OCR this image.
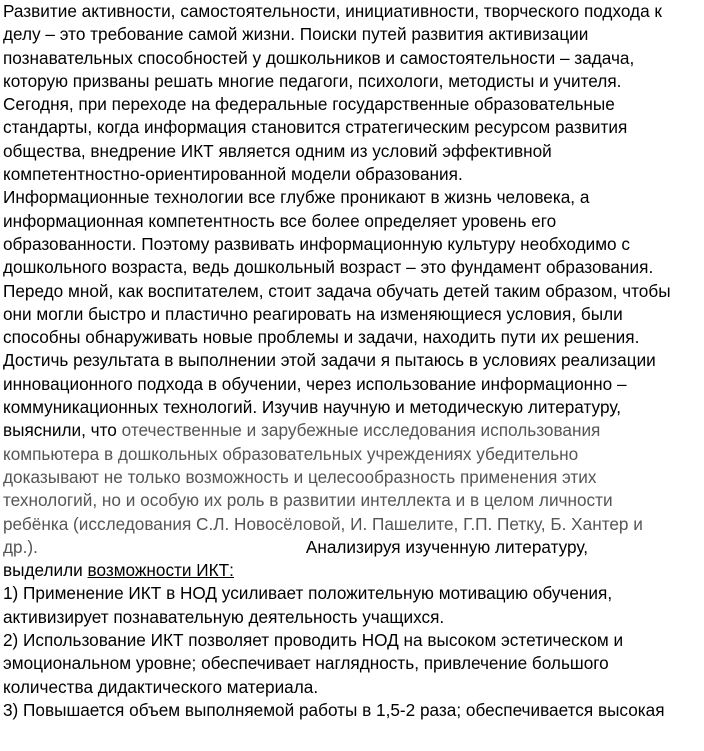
Развитие активности, самостоятельности, инициативности, творческого подхода к
делу – это требование самой жизни. Поиски путей развития активизации
познавательных способностей у дошкольников и самостоятельности – задача,
которую призваны решать многие педагоги, психологи, методисты и учителя.
Сегодня, при переходе на федеральные государственные образовательные
стандарты, когда информация становится стратегическим ресурсом развития
общества, внедрение ИКТ является одним из условий эффективной
компетентностно-ориентированной модели образования.
Информационные технологии все глубже проникают в жизнь человека, а
информационная компетентность все более определяет уровень его
образованности. Поэтому развивать информационную культуру необходимо с
дошкольного возраста, ведь дошкольный возраст – это фундамент образования.
Передо мной, как воспитателем, стоит задача обучать детей таким образом, чтобы
они могли быстро и пластично реагировать на изменяющиеся условия, были
способны обнаруживать новые проблемы и задачи, находить пути их решения.
Достичь результата в выполнении этой задачи я пытаюсь в условиях реализации
инновационного подхода в обучении, через использование информационно –
коммуникационных технологий. Изучив научную и методическую литературу,
выяснили, что отечественные и зарубежные исследования использования
компьютера в дошкольных образовательных учреждениях убедительно
доказывают не только возможность и целесообразность применения этих
технологий, но и особую их роль в развитии интеллекта и в целом личности
ребёнка (исследования С.Л. Новосёловой, И. Пашелите, Г.П. Петку, Б. Хантер и
др.).	Анализируя изученную литературу,
выделили возможности ИКТ:
1) Применение ИКТ в НОД усиливает положительную мотивацию обучения,
активизирует познавательную деятельность учащихся.
2) Использование ИКТ позволяет проводить НОД на высоком эстетическом и
эмоциональном уровне; обеспечивает наглядность, привлечение большого
количества дидактического материала.
3) Повышается объем выполняемой работы в 1,5-2 раза; обеспечивается высокая
